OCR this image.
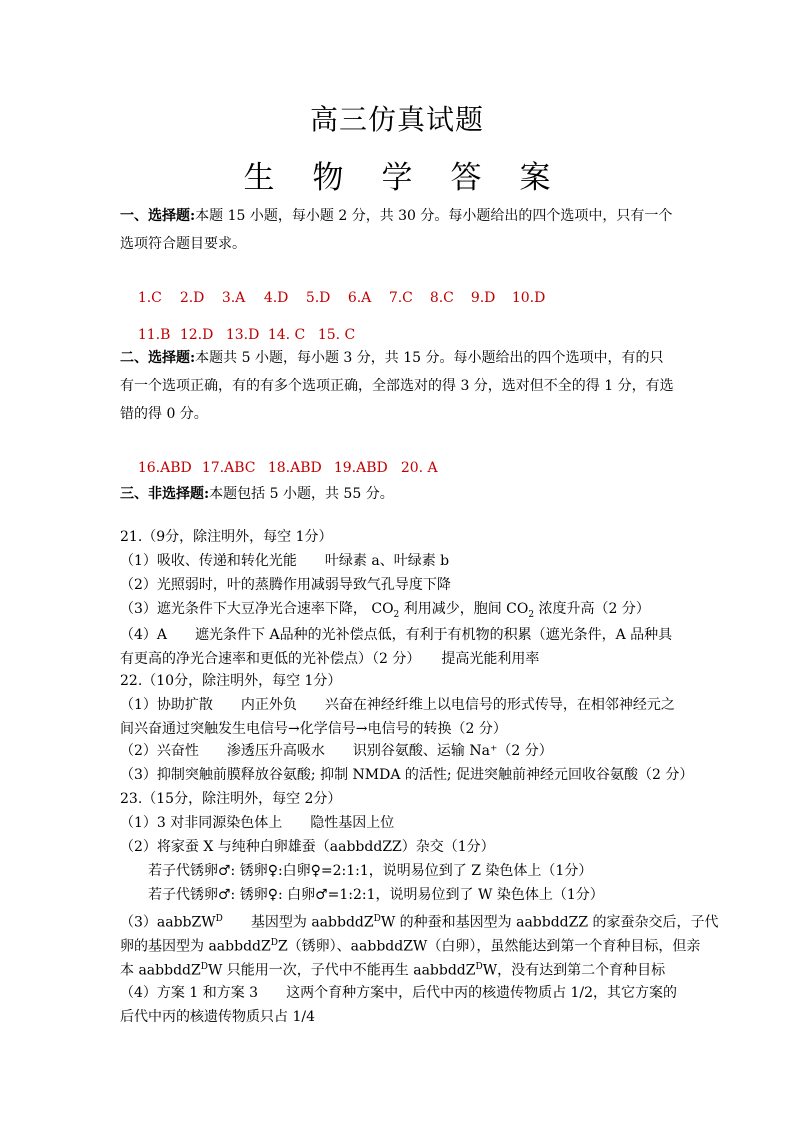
高三仿真试题
生物学答案
一、选择题:本题 15 小题，每小题 2 分，共 30 分。每小题给出的四个选项中，只有一个选项符合题目要求。

1.C 2.D 3.A 4.D 5.D 6.A 7.C 8.C 9.D 10.D

11.B 12.D 13.D 14. C 15. C

二、选择题:本题共 5 小题，每小题 3 分，共 15 分。每小题给出的四个选项中，有的只有一个选项正确，有的有多个选项正确，全部选对的得 3 分，选对但不全的得 1 分，有选错的得 0 分。

16.ABD 17.ABC 18.ABD 19.ABD 20. A

三、非选择题:本题包括 5 小题，共 55 分。
21.（9分，除注明外，每空 1分）
（1）吸收、传递和转化光能　　叶绿素 a、叶绿素 b
（2）光照弱时，叶的蒸腾作用减弱导致气孔导度下降
（3）遮光条件下大豆净光合速率下降， $CO_2$ 利用减少，胞间 $CO_2$ 浓度升高（2 分）
（4）A　　遮光条件下 A品种的光补偿点低，有利于有机物的积累（遮光条件，A 品种具有更高的净光合速率和更低的光补偿点）（2 分）　　提高光能利用率
22.（10分，除注明外，每空 1分）
（1）协助扩散　　内正外负　　兴奋在神经纤维上以电信号的形式传导，在相邻神经元之间兴奋通过突触发生电信号→化学信号→电信号的转换（2 分）
（2）兴奋性　　渗透压升高吸水　　识别谷氨酸、运输 Na⁺（2 分）
（3）抑制突触前膜释放谷氨酸; 抑制 NMDA 的活性; 促进突触前神经元回收谷氨酸（2 分）
23.（15分，除注明外，每空 2分）
（1）3 对非同源染色体上　　隐性基因上位
（2）将家蚕 X 与纯种白卵雄蚕（aabbddZZ）杂交（1分）
若子代锈卵♂: 锈卵♀:白卵♀=2:1:1，说明易位到了 Z 染色体上（1分）
若子代锈卵♂: 锈卵♀: 白卵♂=1:2:1，说明易位到了 W 染色体上（1分）
（3）aabbZW$^D$　　基因型为 aabbddZ$^D$W 的种蚕和基因型为 aabbddZZ 的家蚕杂交后，子代
卵的基因型为 aabbddZ$^D$Z（锈卵）、aabbddZW（白卵），虽然能达到第一个育种目标，但亲
本 aabbddZ$^D$W 只能用一次，子代中不能再生 aabbddZ$^D$W，没有达到第二个育种目标
（4）方案 1 和方案 3　　这两个育种方案中，后代中丙的核遗传物质占 1/2，其它方案的后代中丙的核遗传物质只占 1/4
